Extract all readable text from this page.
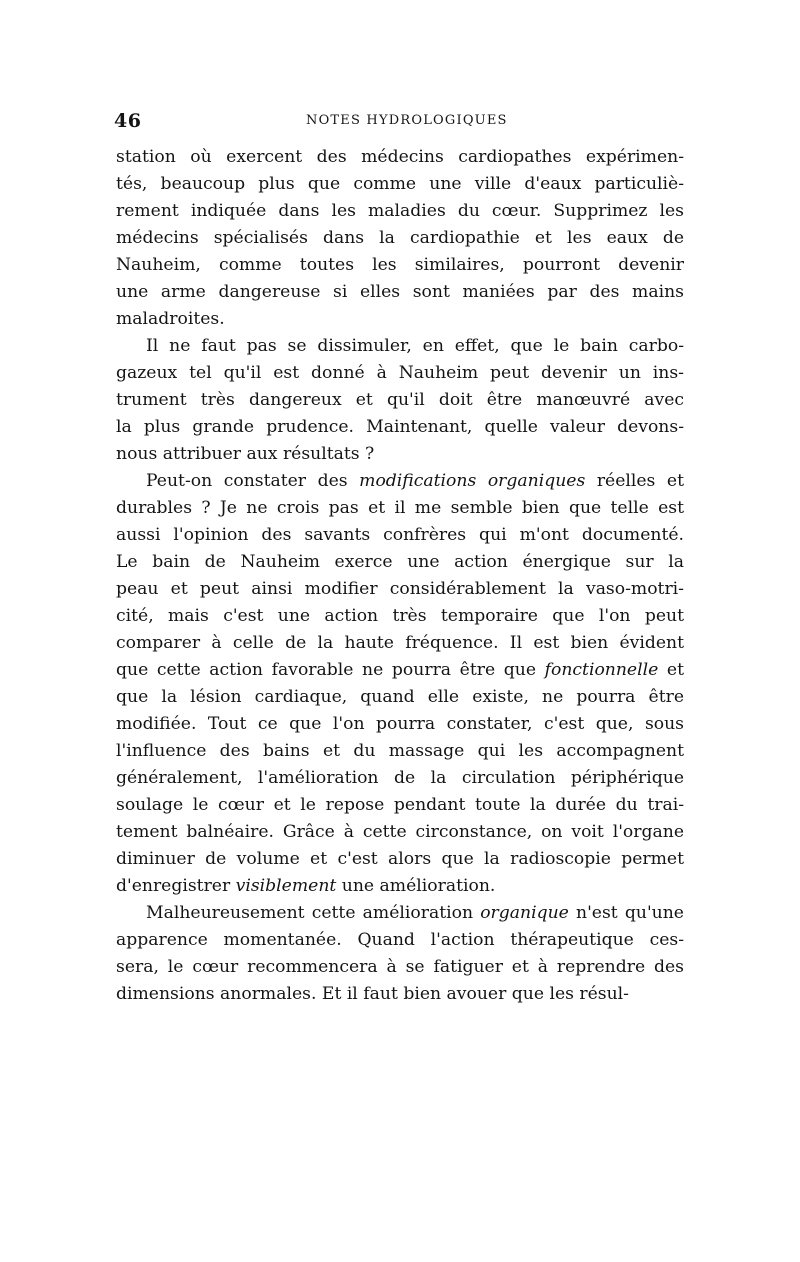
46	NOTES HYDROLOGIQUES
station où exercent des médecins cardiopathes expérimen-
tés, beaucoup plus que comme une ville d'eaux particuliè-
rement indiquée dans les maladies du cœur. Supprimez les
médecins spécialisés dans la cardiopathie et les eaux de
Nauheim, comme toutes les similaires, pourront devenir
une arme dangereuse si elles sont maniées par des mains
maladroites.
Il ne faut pas se dissimuler, en effet, que le bain carbo-
gazeux tel qu'il est donné à Nauheim peut devenir un ins-
trument très dangereux et qu'il doit être manœuvré avec
la plus grande prudence. Maintenant, quelle valeur devons-
nous attribuer aux résultats ?
Peut-on constater des modifications organiques réelles et
durables ? Je ne crois pas et il me semble bien que telle est
aussi l'opinion des savants confrères qui m'ont documenté.
Le bain de Nauheim exerce une action énergique sur la
peau et peut ainsi modifier considérablement la vaso-motri-
cité, mais c'est une action très temporaire que l'on peut
comparer à celle de la haute fréquence. Il est bien évident
que cette action favorable ne pourra être que fonctionnelle et
que la lésion cardiaque, quand elle existe, ne pourra être
modifiée. Tout ce que l'on pourra constater, c'est que, sous
l'influence des bains et du massage qui les accompagnent
généralement, l'amélioration de la circulation périphérique
soulage le cœur et le repose pendant toute la durée du trai-
tement balnéaire. Grâce à cette circonstance, on voit l'organe
diminuer de volume et c'est alors que la radioscopie permet
d'enregistrer visiblement une amélioration.
Malheureusement cette amélioration organique n'est qu'une
apparence momentanée. Quand l'action thérapeutique ces-
sera, le cœur recommencera à se fatiguer et à reprendre des
dimensions anormales. Et il faut bien avouer que les résul-
